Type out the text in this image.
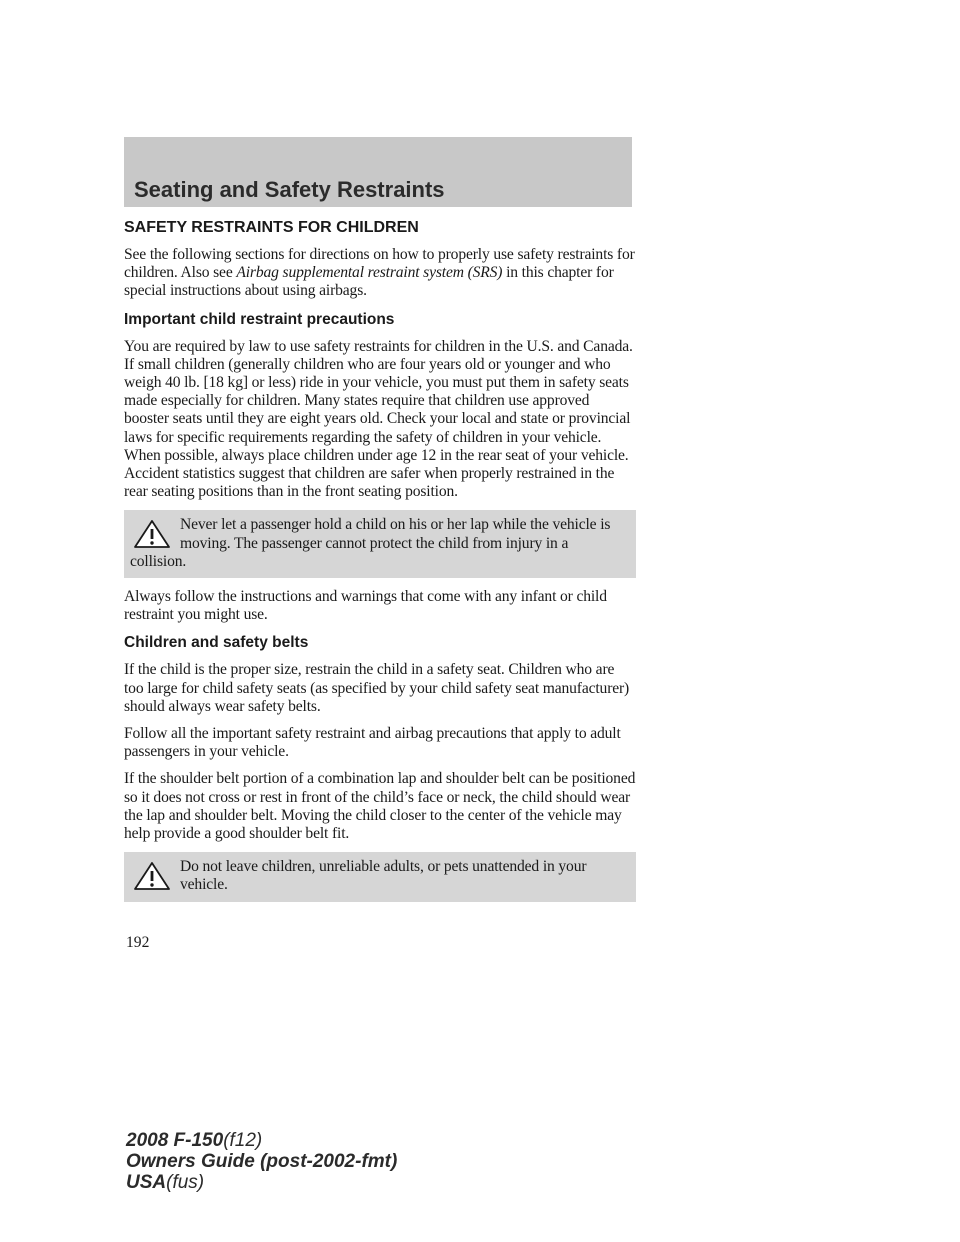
Seating and Safety Restraints
SAFETY RESTRAINTS FOR CHILDREN

See the following sections for directions on how to properly use safety restraints for children. Also see Airbag supplemental restraint system (SRS) in this chapter for special instructions about using airbags.

Important child restraint precautions

You are required by law to use safety restraints for children in the U.S. and Canada. If small children (generally children who are four years old or younger and who weigh 40 lb. [18 kg] or less) ride in your vehicle, you must put them in safety seats made especially for children. Many states require that children use approved booster seats until they are eight years old. Check your local and state or provincial laws for specific requirements regarding the safety of children in your vehicle. When possible, always place children under age 12 in the rear seat of your vehicle. Accident statistics suggest that children are safer when properly restrained in the rear seating positions than in the front seating position.

Never let a passenger hold a child on his or her lap while the vehicle is moving. The passenger cannot protect the child from injury in a collision.

Always follow the instructions and warnings that come with any infant or child restraint you might use.

Children and safety belts

If the child is the proper size, restrain the child in a safety seat. Children who are too large for child safety seats (as specified by your child safety seat manufacturer) should always wear safety belts.

Follow all the important safety restraint and airbag precautions that apply to adult passengers in your vehicle.

If the shoulder belt portion of a combination lap and shoulder belt can be positioned so it does not cross or rest in front of the child’s face or neck, the child should wear the lap and shoulder belt. Moving the child closer to the center of the vehicle may help provide a good shoulder belt fit.

Do not leave children, unreliable adults, or pets unattended in your vehicle.

192
2008 F-150(f12)
Owners Guide (post-2002-fmt)
USA(fus)
